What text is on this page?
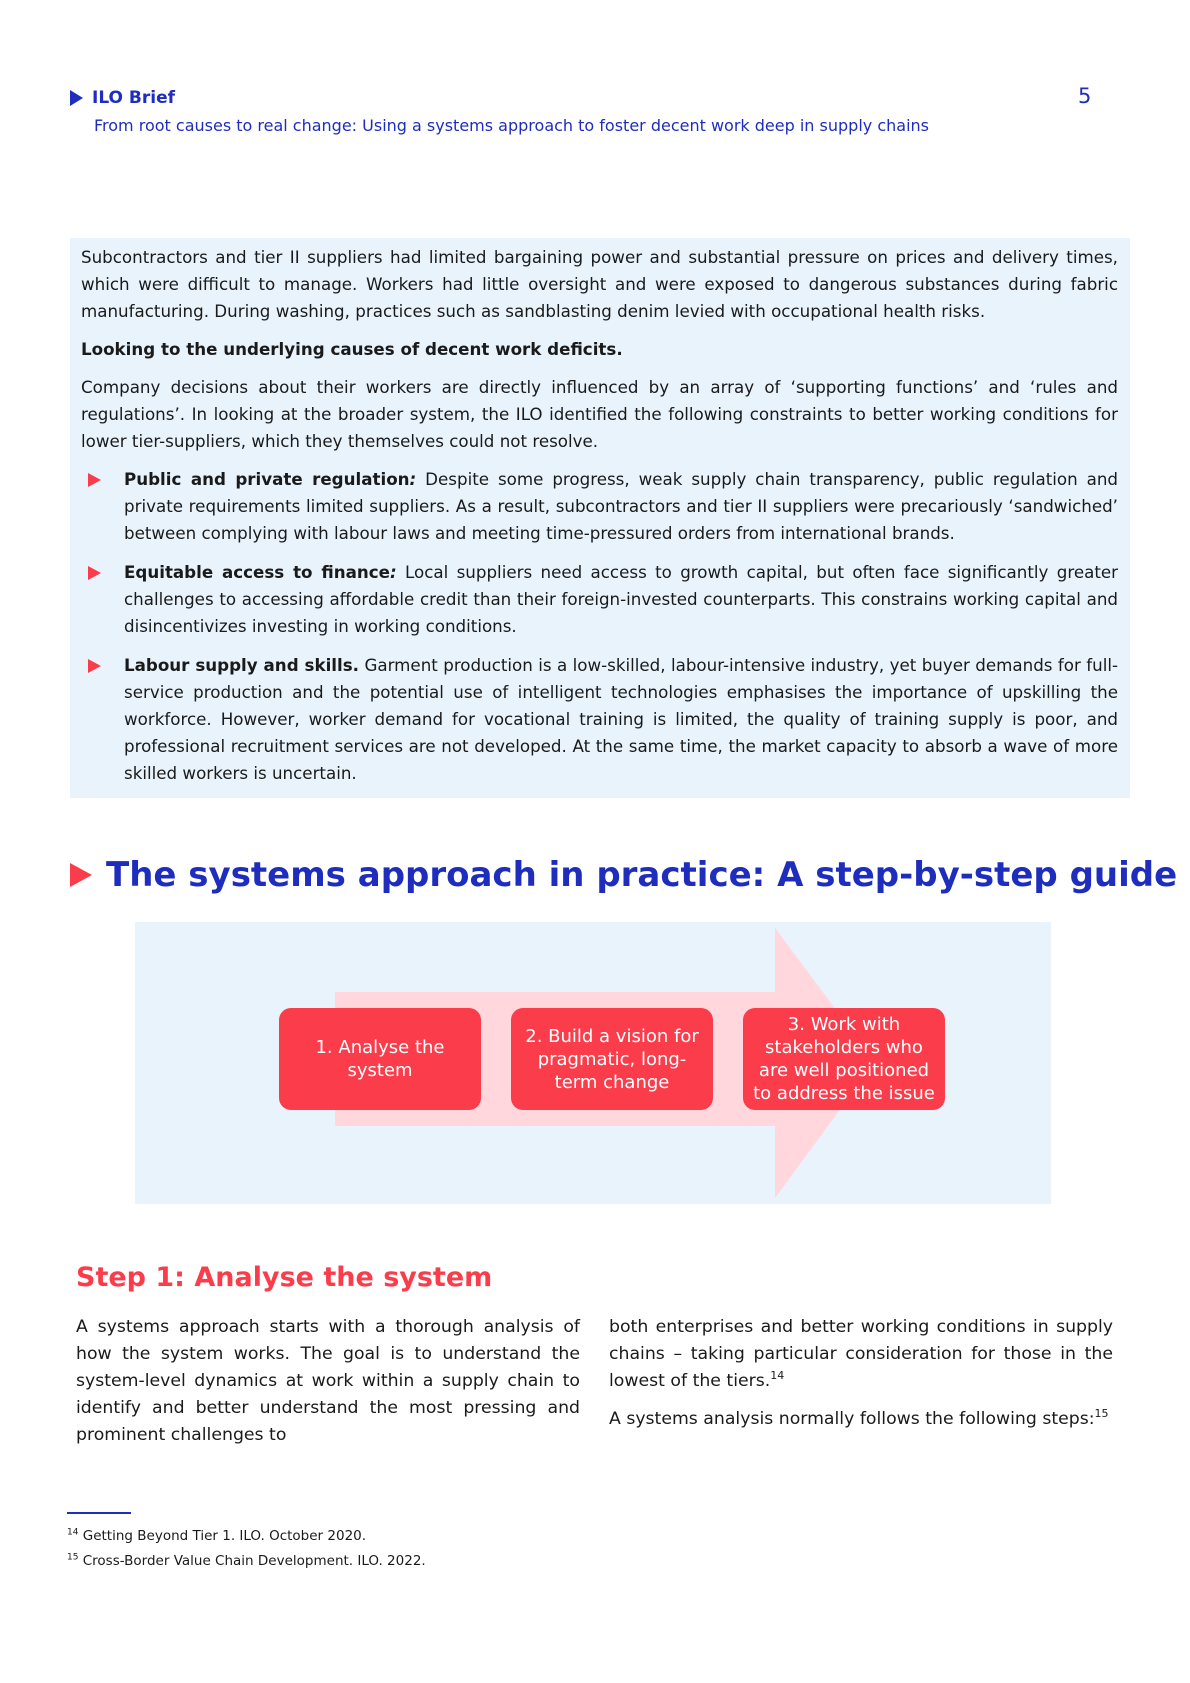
ILO Brief
From root causes to real change: Using a systems approach to foster decent work deep in supply chains
5

Subcontractors and tier II suppliers had limited bargaining power and substantial pressure on prices and delivery times, which were difficult to manage. Workers had little oversight and were exposed to dangerous substances during fabric manufacturing. During washing, practices such as sandblasting denim levied with occupational health risks.

Looking to the underlying causes of decent work deficits.

Company decisions about their workers are directly influenced by an array of ‘supporting functions’ and ‘rules and regulations’. In looking at the broader system, the ILO identified the following constraints to better working conditions for lower tier-suppliers, which they themselves could not resolve.

Public and private regulation: Despite some progress, weak supply chain transparency, public regulation and private requirements limited suppliers. As a result, subcontractors and tier II suppliers were precariously ‘sandwiched’ between complying with labour laws and meeting time-pressured orders from international brands.
Equitable access to finance: Local suppliers need access to growth capital, but often face significantly greater challenges to accessing affordable credit than their foreign-invested counterparts. This constrains working capital and disincentivizes investing in working conditions.
Labour supply and skills. Garment production is a low-skilled, labour-intensive industry, yet buyer demands for full-service production and the potential use of intelligent technologies emphasises the importance of upskilling the workforce. However, worker demand for vocational training is limited, the quality of training supply is poor, and professional recruitment services are not developed. At the same time, the market capacity to absorb a wave of more skilled workers is uncertain.
The systems approach in practice: A step-by-step guide
1. Analyse the system
2. Build a vision for pragmatic, long-term change
3. Work with stakeholders who are well positioned to address the issue
Step 1: Analyse the system

A systems approach starts with a thorough analysis of how the system works. The goal is to understand the system-level dynamics at work within a supply chain to identify and better understand the most pressing and prominent challenges to

both enterprises and better working conditions in supply chains – taking particular consideration for those in the lowest of the tiers.$^{14}$

A systems analysis normally follows the following steps:$^{15}$

$^{14}$ Getting Beyond Tier 1. ILO. October 2020.
$^{15}$ Cross-Border Value Chain Development. ILO. 2022.
